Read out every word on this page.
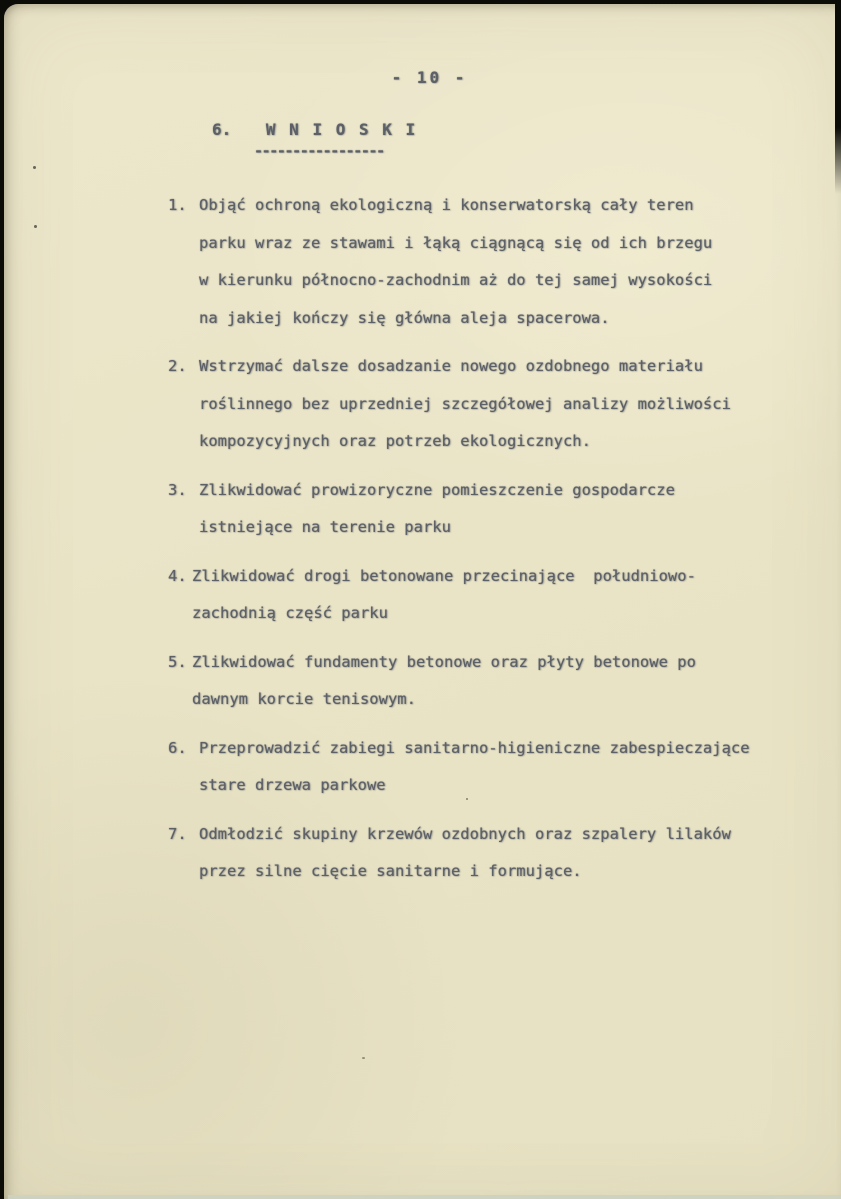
- 10 -
6. W N I O S K I
-----------------
1. Objąć ochroną ekologiczną i konserwatorską cały teren
parku wraz ze stawami i łąką ciągnącą się od ich brzegu
w kierunku północno-zachodnim aż do tej samej wysokości
na jakiej kończy się główna aleja spacerowa.
2. Wstrzymać dalsze dosadzanie nowego ozdobnego materiału
roślinnego bez uprzedniej szczegółowej analizy możliwości
kompozycyjnych oraz potrzeb ekologicznych.
3. Zlikwidować prowizoryczne pomieszczenie gospodarcze
istniejące na terenie parku
4. Zlikwidować drogi betonowane przecinające  południowo-
zachodnią część parku
5. Zlikwidować fundamenty betonowe oraz płyty betonowe po
dawnym korcie tenisowym.
6. Przeprowadzić zabiegi sanitarno-higieniczne zabespieczające
stare drzewa parkowe
7. Odmłodzić skupiny krzewów ozdobnych oraz szpalery lilaków
przez silne cięcie sanitarne i formujące.
